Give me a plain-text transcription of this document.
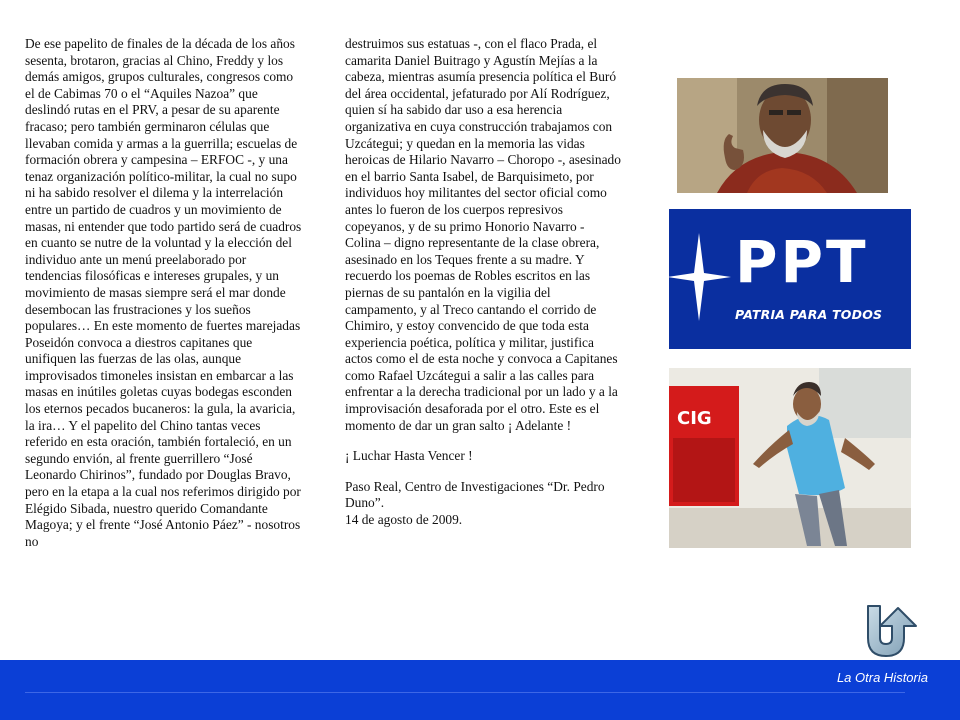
De ese papelito de finales de la década de los años sesenta, brotaron, gracias al Chino, Freddy y los demás amigos, grupos culturales, congresos como el de Cabimas 70 o el “Aquiles Nazoa” que deslindó rutas en el PRV, a pesar de su aparente fracaso; pero también germinaron células que llevaban comida y armas a la guerrilla; escuelas de formación obrera y campesina – ERFOC -, y una tenaz organización político-militar, la cual no supo ni ha sabido resolver el dilema y la interrelación entre un partido de cuadros y un movimiento de masas, ni entender que todo partido será de cuadros en cuanto se nutre de la voluntad y la elección del individuo ante un menú preelaborado por tendencias filosóficas e intereses grupales, y un movimiento de masas siempre será el mar donde desembocan las frustraciones y los sueños populares… En este momento de fuertes marejadas Poseidón convoca a diestros capitanes que unifiquen las fuerzas de las olas, aunque improvisados timoneles insistan en embarcar a las masas en inútiles goletas cuyas bodegas esconden los eternos pecados bucaneros: la gula, la avaricia, la ira… Y el papelito del Chino tantas veces referido en esta oración, también fortaleció, en un segundo envión, al frente guerrillero “José Leonardo Chirinos”, fundado por Douglas Bravo, pero en la etapa a la cual nos referimos dirigido por Elégido Sibada, nuestro querido Comandante Magoya; y el frente “José Antonio Páez” - nosotros no

destruimos sus estatuas -, con el flaco Prada, el camarita Daniel Buitrago y Agustín Mejías a la cabeza, mientras asumía presencia política el Buró del área occidental, jefaturado por Alí Rodríguez, quien sí ha sabido dar uso a esa herencia organizativa en cuya construcción trabajamos con Uzcátegui; y quedan en la memoria las vidas heroicas de Hilario Navarro – Choropo -, asesinado en el barrio Santa Isabel, de Barquisimeto, por individuos hoy militantes del sector oficial como antes lo fueron de los cuerpos represivos copeyanos, y de su primo Honorio Navarro - Colina – digno representante de la clase obrera, asesinado en los Teques frente a su madre. Y recuerdo los poemas de Robles escritos en las piernas de su pantalón en la vigilia del campamento, y al Treco cantando el corrido de Chimiro, y estoy convencido de que toda esta experiencia poética, política y militar, justifica actos como el de esta noche y convoca a Capitanes como Rafael Uzcátegui a salir a las calles para enfrentar a la derecha tradicional por un lado y a la improvisación desaforada por el otro. Este es el momento de dar un gran salto ¡ Adelante !

¡ Luchar Hasta Vencer !

Paso Real, Centro de Investigaciones “Dr. Pedro Duno”.
14 de agosto de 2009.

PPT
PATRIA PARA TODOS
CIG
La Otra Historia
